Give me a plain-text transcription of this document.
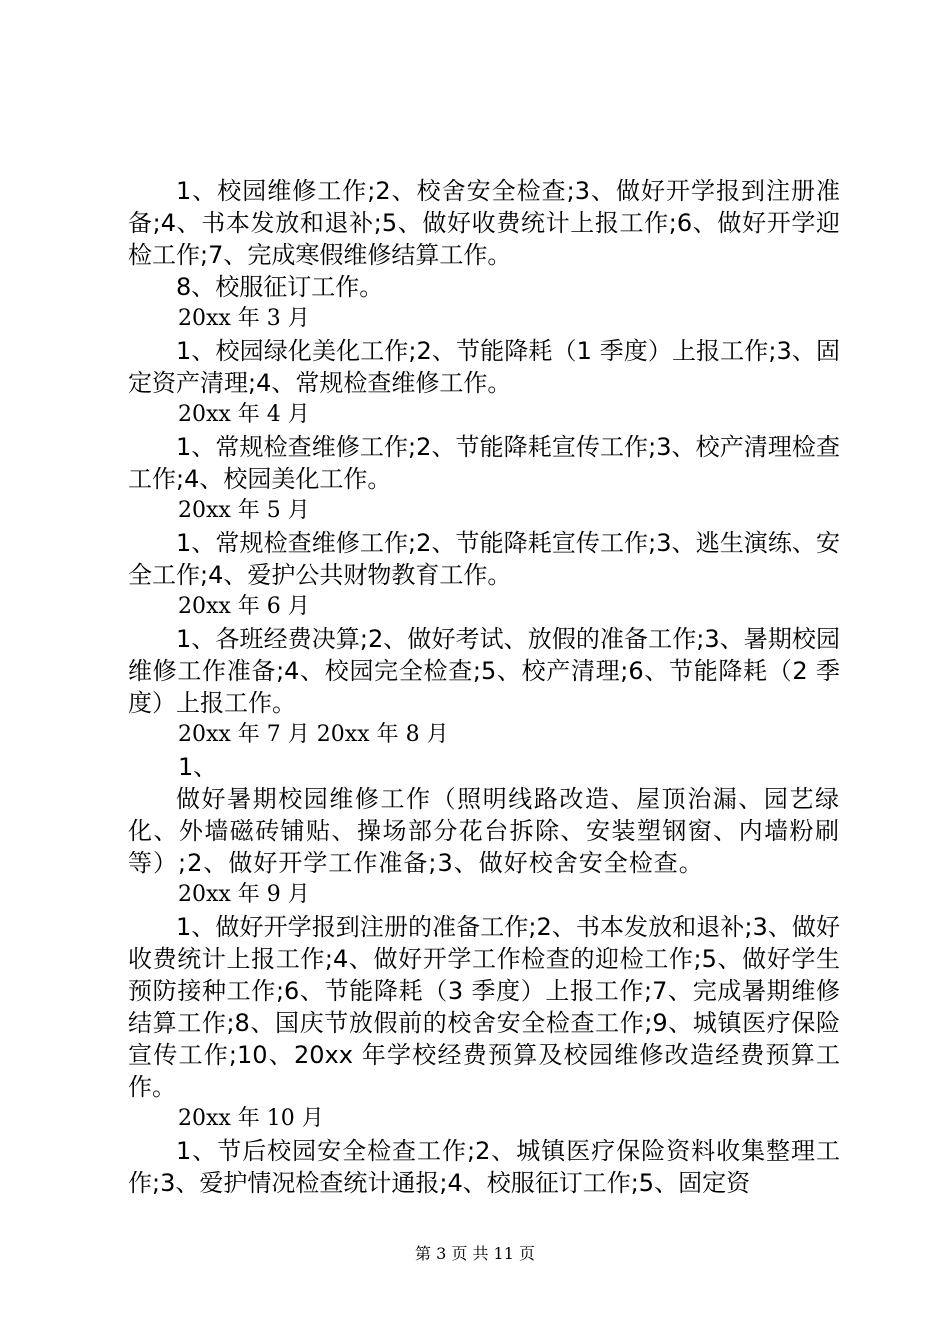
1、校园维修工作;2、校舍安全检查;3、做好开学报到注册准备;4、书本发放和退补;5、做好收费统计上报工作;6、做好开学迎检工作;7、完成寒假维修结算工作。

8、校服征订工作。

20xx 年 3 月

1、校园绿化美化工作;2、节能降耗（1 季度）上报工作;3、固定资产清理;4、常规检查维修工作。

20xx 年 4 月

1、常规检查维修工作;2、节能降耗宣传工作;3、校产清理检查工作;4、校园美化工作。

20xx 年 5 月

1、常规检查维修工作;2、节能降耗宣传工作;3、逃生演练、安全工作;4、爱护公共财物教育工作。

20xx 年 6 月

1、各班经费决算;2、做好考试、放假的准备工作;3、暑期校园维修工作准备;4、校园完全检查;5、校产清理;6、节能降耗（2 季度）上报工作。

20xx 年 7 月 20xx 年 8 月

1、

做好暑期校园维修工作（照明线路改造、屋顶治漏、园艺绿化、外墙磁砖铺贴、操场部分花台拆除、安装塑钢窗、内墙粉刷等）;2、做好开学工作准备;3、做好校舍安全检查。

20xx 年 9 月

1、做好开学报到注册的准备工作;2、书本发放和退补;3、做好收费统计上报工作;4、做好开学工作检查的迎检工作;5、做好学生预防接种工作;6、节能降耗（3 季度）上报工作;7、完成暑期维修结算工作;8、国庆节放假前的校舍安全检查工作;9、城镇医疗保险宣传工作;10、20xx 年学校经费预算及校园维修改造经费预算工作。

20xx 年 10 月

1、节后校园安全检查工作;2、城镇医疗保险资料收集整理工作;3、爱护情况检查统计通报;4、校服征订工作;5、固定资

第 3 页 共 11 页
